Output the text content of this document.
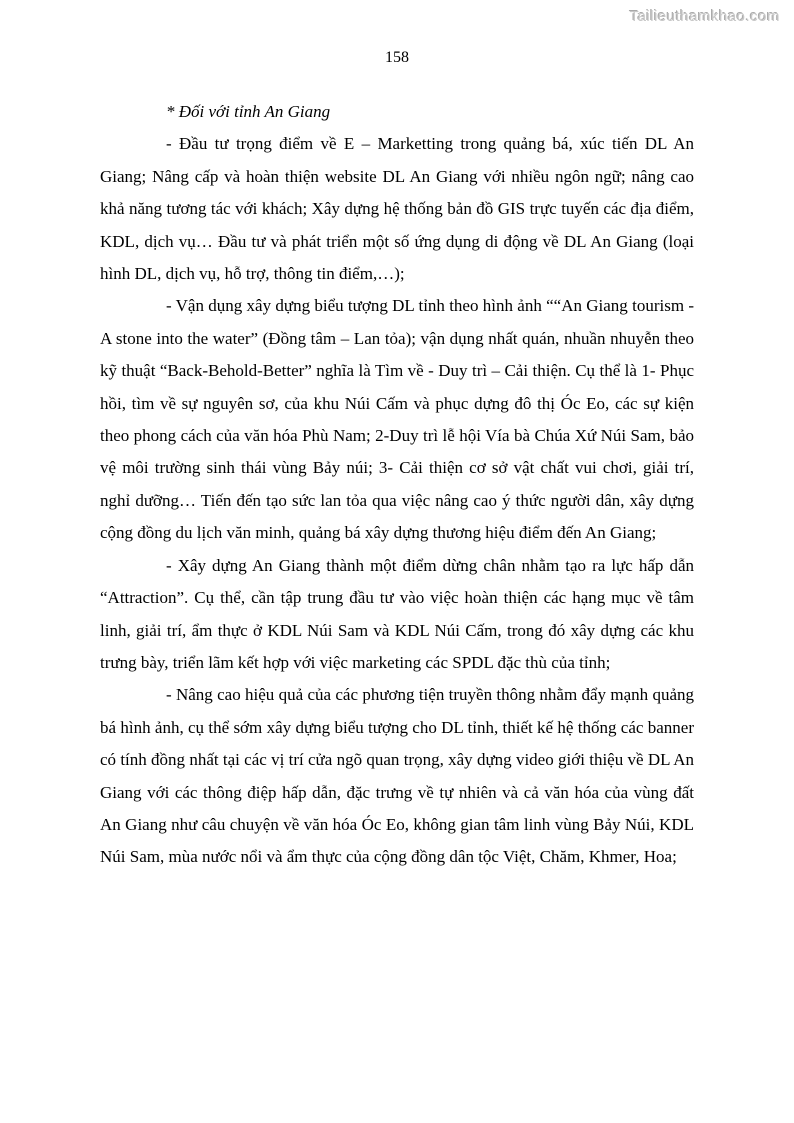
Tailieuthamkhao.com
158

* Đối với tỉnh An Giang

- Đầu tư trọng điểm về E – Marketting trong quảng bá, xúc tiến DL An Giang; Nâng cấp và hoàn thiện website DL An Giang với nhiều ngôn ngữ; nâng cao khả năng tương tác với khách; Xây dựng hệ thống bản đồ GIS trực tuyến các địa điểm, KDL, dịch vụ… Đầu tư và phát triển một số ứng dụng di động về DL An Giang (loại hình DL, dịch vụ, hỗ trợ, thông tin điểm,…);

- Vận dụng xây dựng biểu tượng DL tỉnh theo hình ảnh ““An Giang tourism - A stone into the water” (Đồng tâm – Lan tỏa); vận dụng nhất quán, nhuần nhuyễn theo kỹ thuật “Back-Behold-Better” nghĩa là Tìm về - Duy trì – Cải thiện. Cụ thể là 1- Phục hồi, tìm về sự nguyên sơ, của khu Núi Cấm và phục dựng đô thị Óc Eo, các sự kiện theo phong cách của văn hóa Phù Nam; 2-Duy trì lễ hội Vía bà Chúa Xứ Núi Sam, bảo vệ môi trường sinh thái vùng Bảy núi; 3- Cải thiện cơ sở vật chất vui chơi, giải trí, nghỉ dưỡng… Tiến đến tạo sức lan tỏa qua việc nâng cao ý thức người dân, xây dựng cộng đồng du lịch văn minh, quảng bá xây dựng thương hiệu điểm đến An Giang;

- Xây dựng An Giang thành một điểm dừng chân nhằm tạo ra lực hấp dẫn “Attraction”. Cụ thể, cần tập trung đầu tư vào việc hoàn thiện các hạng mục về tâm linh, giải trí, ẩm thực ở KDL Núi Sam và KDL Núi Cấm, trong đó xây dựng các khu trưng bày, triển lãm kết hợp với việc marketing các SPDL đặc thù của tỉnh;

- Nâng cao hiệu quả của các phương tiện truyền thông nhằm đẩy mạnh quảng bá hình ảnh, cụ thể sớm xây dựng biểu tượng cho DL tỉnh, thiết kế hệ thống các banner có tính đồng nhất tại các vị trí cửa ngõ quan trọng, xây dựng video giới thiệu về DL An Giang với các thông điệp hấp dẫn, đặc trưng về tự nhiên và cả văn hóa của vùng đất An Giang như câu chuyện về văn hóa Óc Eo, không gian tâm linh vùng Bảy Núi, KDL Núi Sam, mùa nước nổi và ẩm thực của cộng đồng dân tộc Việt, Chăm, Khmer, Hoa;
